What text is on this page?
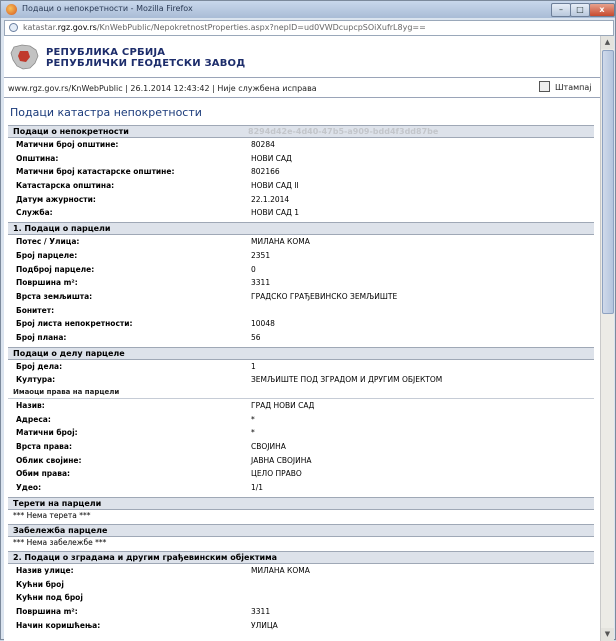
Подаци о непокретности - Mozilla Firefox	–	□	x
katastar.rgz.gov.rs/KnWebPublic/NepokretnostProperties.aspx?nepID=ud0VWDcupcpSOiXufrL8yg==
РЕПУБЛИКА СРБИЈА
РЕПУБЛИЧКИ ГЕОДЕТСКИ ЗАВОД
www.rgz.gov.rs/KnWebPublic | 26.1.2014 12:43:42 | Није службена исправа	Штампај
Подаци катастра непокретности
Подаци о непокретности	8294d42e-4d40-47b5-a909-bdd4f3dd87be
Матични број општине:	80284
Општина:	НОВИ САД
Матични број катастарске општине:	802166
Катастарска општина:	НОВИ САД II
Датум ажурности:	22.1.2014
Служба:	НОВИ САД 1
1. Подаци о парцели
Потес / Улица:	МИЛАНА КОМА
Број парцеле:	2351
Подброј парцеле:	0
Површина m²:	3311
Врста земљишта:	ГРАДСКО ГРАЂЕВИНСКО ЗЕМЉИШТЕ
Бонитет:
Број листа непокретности:	10048
Број плана:	56
Подаци о делу парцеле
Број дела:	1
Култура:	ЗЕМЉИШТЕ ПОД ЗГРАДОМ И ДРУГИМ ОБЈЕКТОМ
Имаоци права на парцели
Назив:	ГРАД НОВИ САД
Адреса:	*
Матични број:	*
Врста права:	СВОЈИНА
Облик својине:	ЈАВНА СВОЈИНА
Обим права:	ЦЕЛО ПРАВО
Удео:	1/1
Терети на парцели
*** Нема терета ***
Забележба парцеле
*** Нема забележбе ***
2. Подаци о зградама и другим грађевинским објектима
Назив улице:	МИЛАНА КОМА
Кућни број
Кућни под број
Површина m²:	3311
Начин коришћења:	УЛИЦА
▲
▼
